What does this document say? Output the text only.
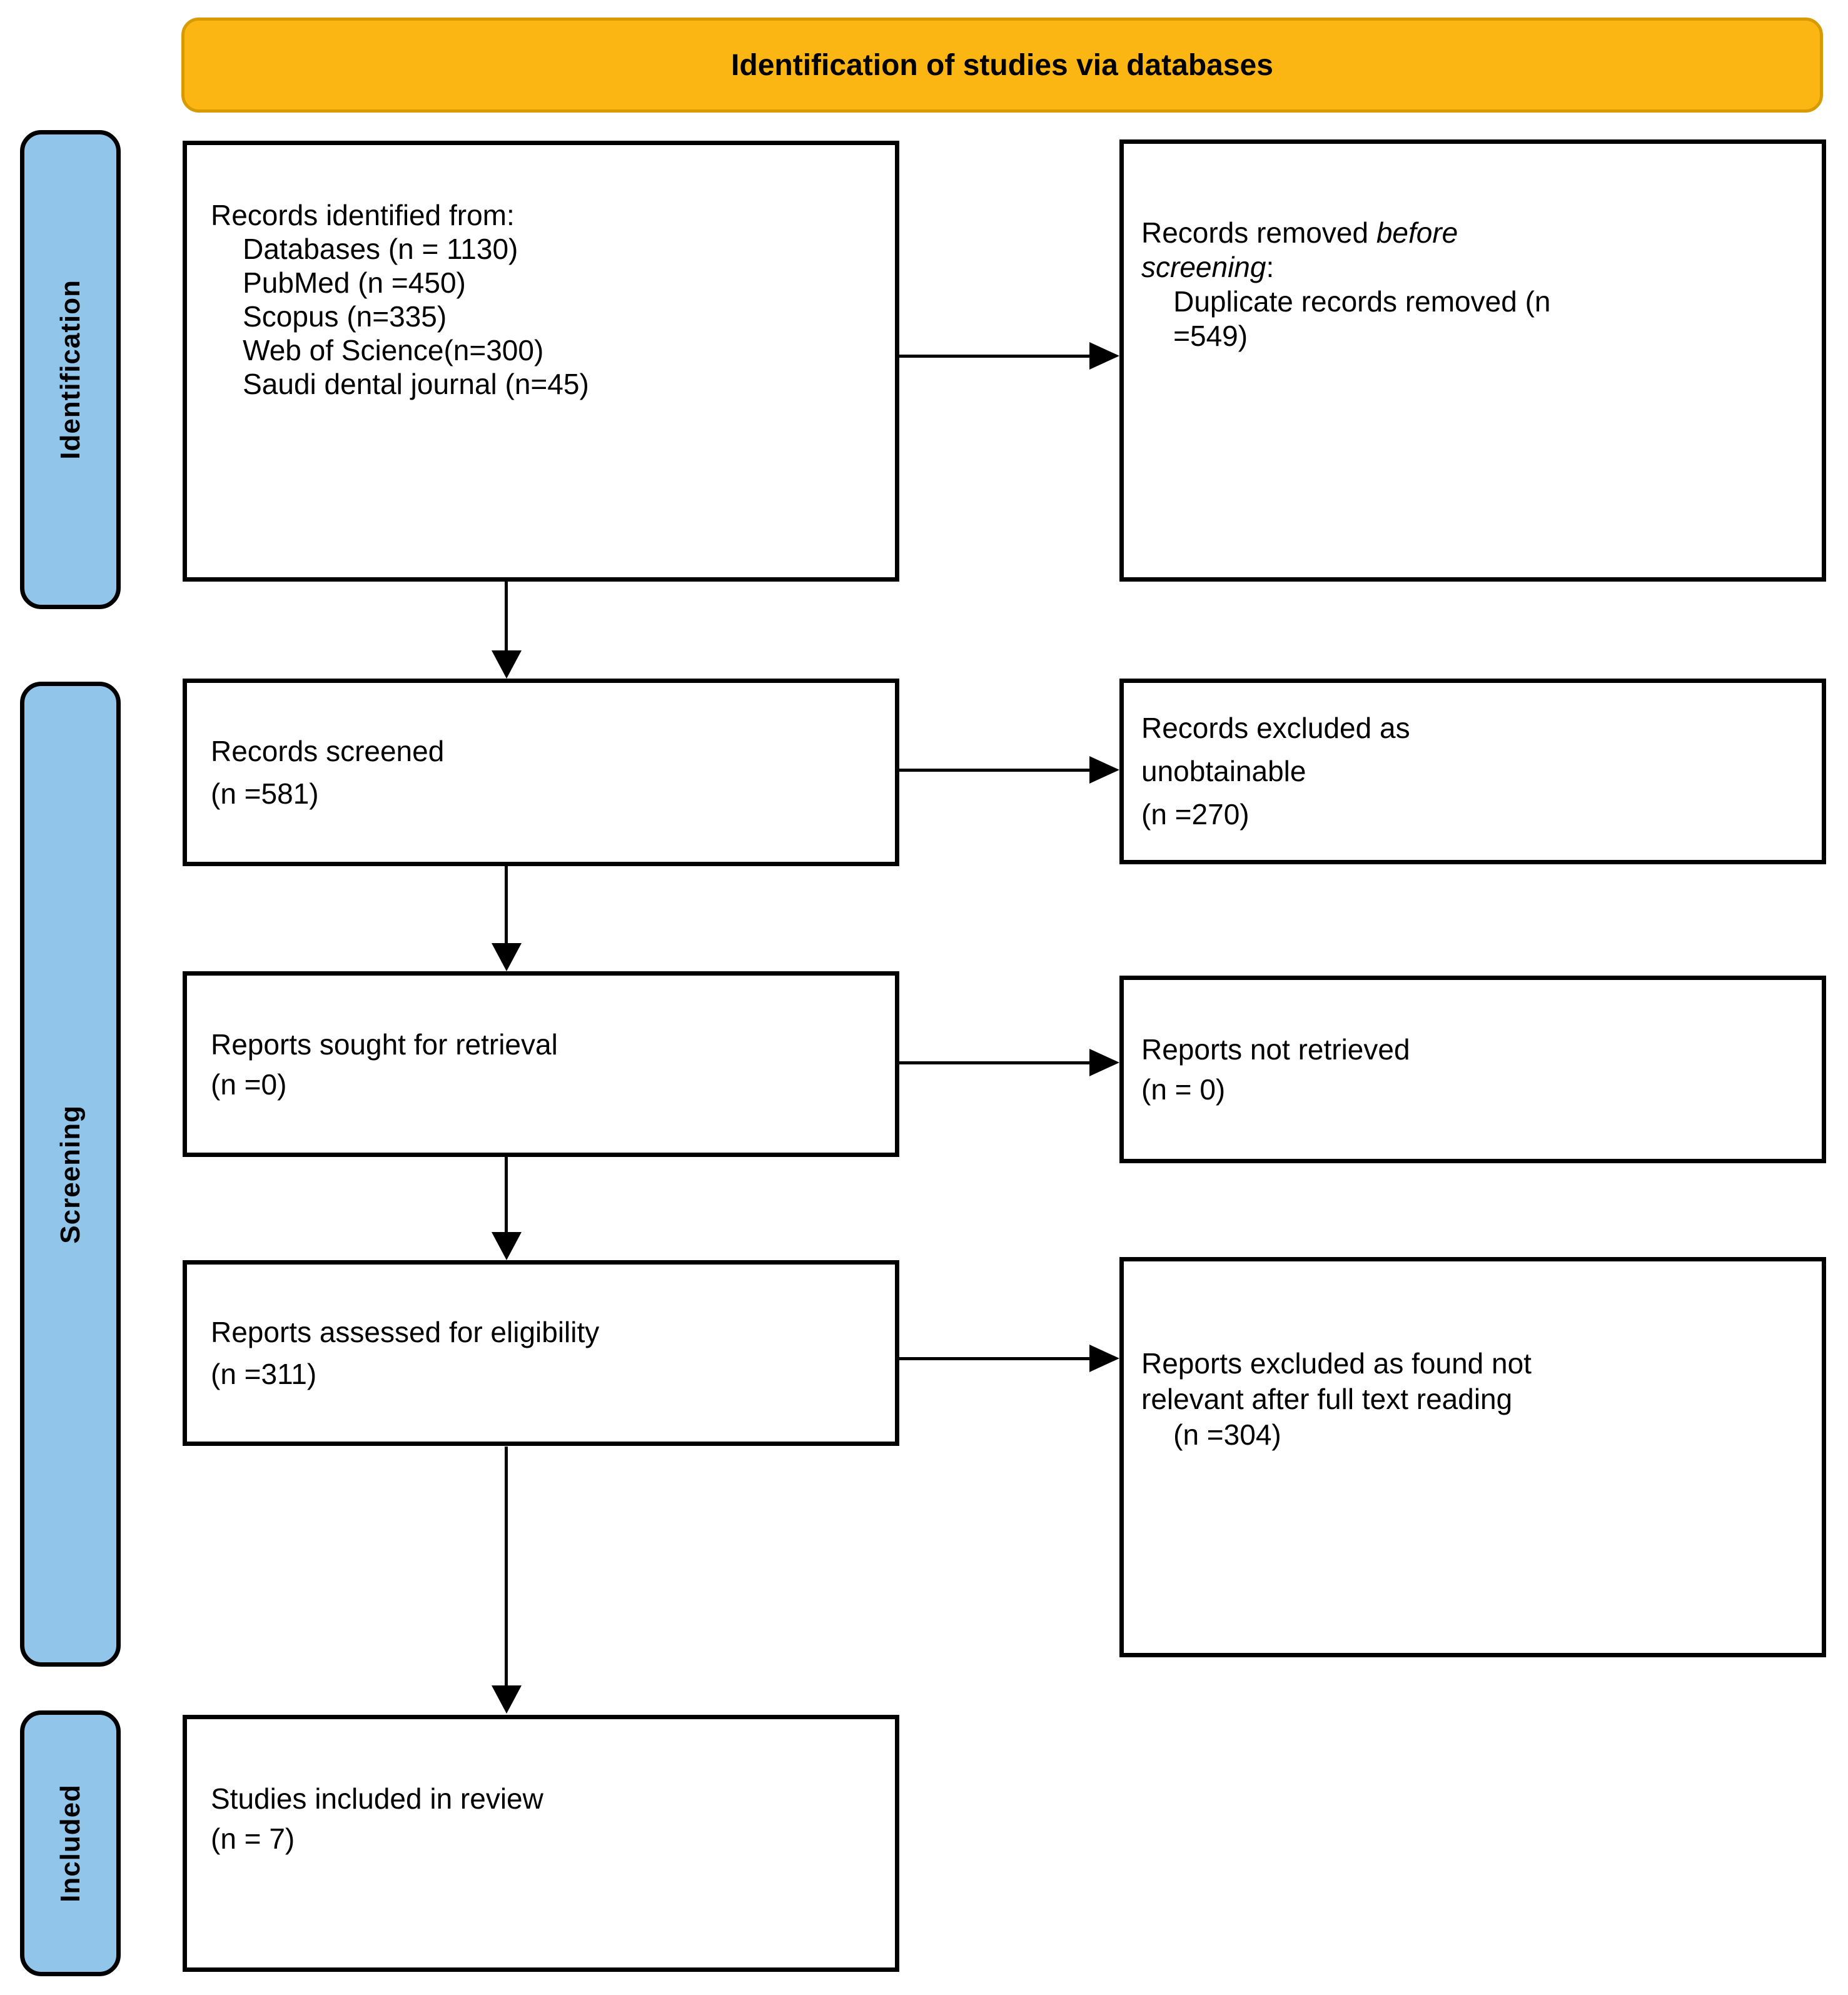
Identification of studies via databases
Identification
Screening
Included
Records identified from:
Databases (n = 1130)
PubMed (n =450)
Scopus (n=335)
Web of Science(n=300)
Saudi dental journal (n=45)
Records screened
(n =581)
Reports sought for retrieval
(n =0)
Reports assessed for eligibility
(n =311)
Studies included in review
(n = 7)
Records removed before
screening:
Duplicate records removed (n
=549)
Records excluded as
unobtainable
(n =270)
Reports not retrieved
(n = 0)
Reports excluded as found not
relevant after full text reading
(n =304)
